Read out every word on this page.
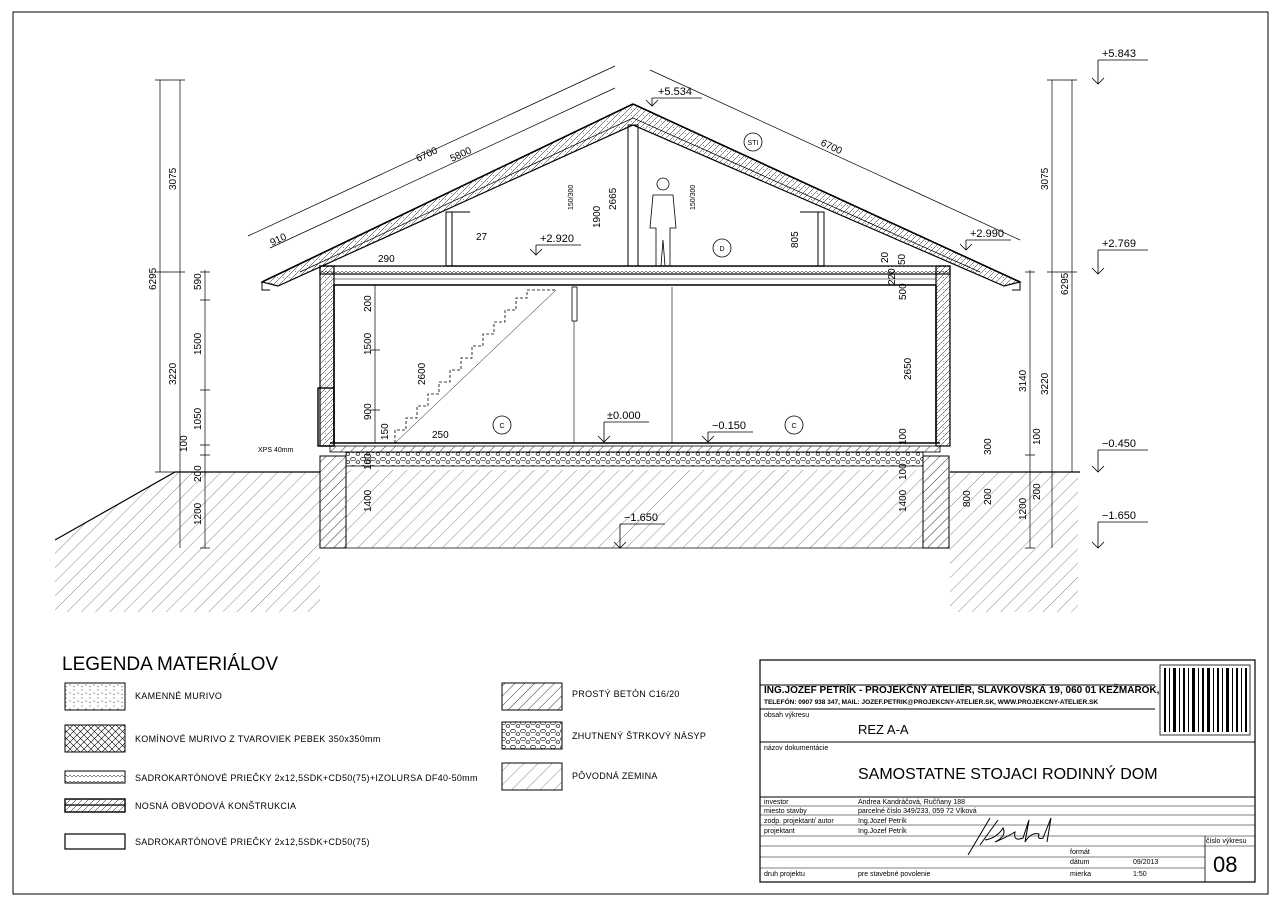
+5.843
+5.534
+2.920	+2.990
+2.769
±0.000
−0.150
−0.450
−1.650
−1.650
6295
3075
3220
1200
590
1500
1050
100
200
200
1500
900
150
3075
6295
3220
1200
3140
100
200
2600
2665
1900
805
2650
100
1400
100
1400
220
20 50
500
100
300
800 200
150/300	150/300
6700 5800
910
6700
290
250
27
XPS 40mm
STI
D
C	C
LEGENDA MATERIÁLOV
KAMENNÉ MURIVO
KOMÍNOVÉ MURIVO Z TVAROVIEK PEBEK 350x350mm
SADROKARTÓNOVÉ PRIEČKY 2x12,5SDK+CD50(75)+IZOLURSA DF40-50mm
NOSNÁ OBVODOVÁ KONŠTRUKCIA
SADROKARTÓNOVÉ PRIEČKY 2x12,5SDK+CD50(75)
PROSTÝ BETÓN C16/20
ZHUTNENÝ ŠTRKOVÝ NÁSYP
PÔVODNÁ ZEMINA
ING.JOZEF PETRÍK - PROJEKČNÝ ATELIÉR, SLAVKOVSKÁ 19, 060 01 KEŽMAROK,
TELEFÓN: 0907 938 347, MAIL: JOZEF.PETRIK@PROJEKCNY-ATELIER.SK, WWW.PROJEKCNY-ATELIER.SK
obsah výkresu
REZ A-A
názov dokumentácie
SAMOSTATNE STOJACI RODINNÝ DOM
investor	Andrea Kandráčová, Ručňany 188
miesto stavby	parcelné číslo 349/233, 059 72 Vlková
zodp. projektant/ autor	Ing.Jozef Petrík
projektant	Ing.Jozef Petrík
formát
dátum	09/2013
mierka	1:50
druh projektu	pre stavebné povolenie
číslo výkresu
08
